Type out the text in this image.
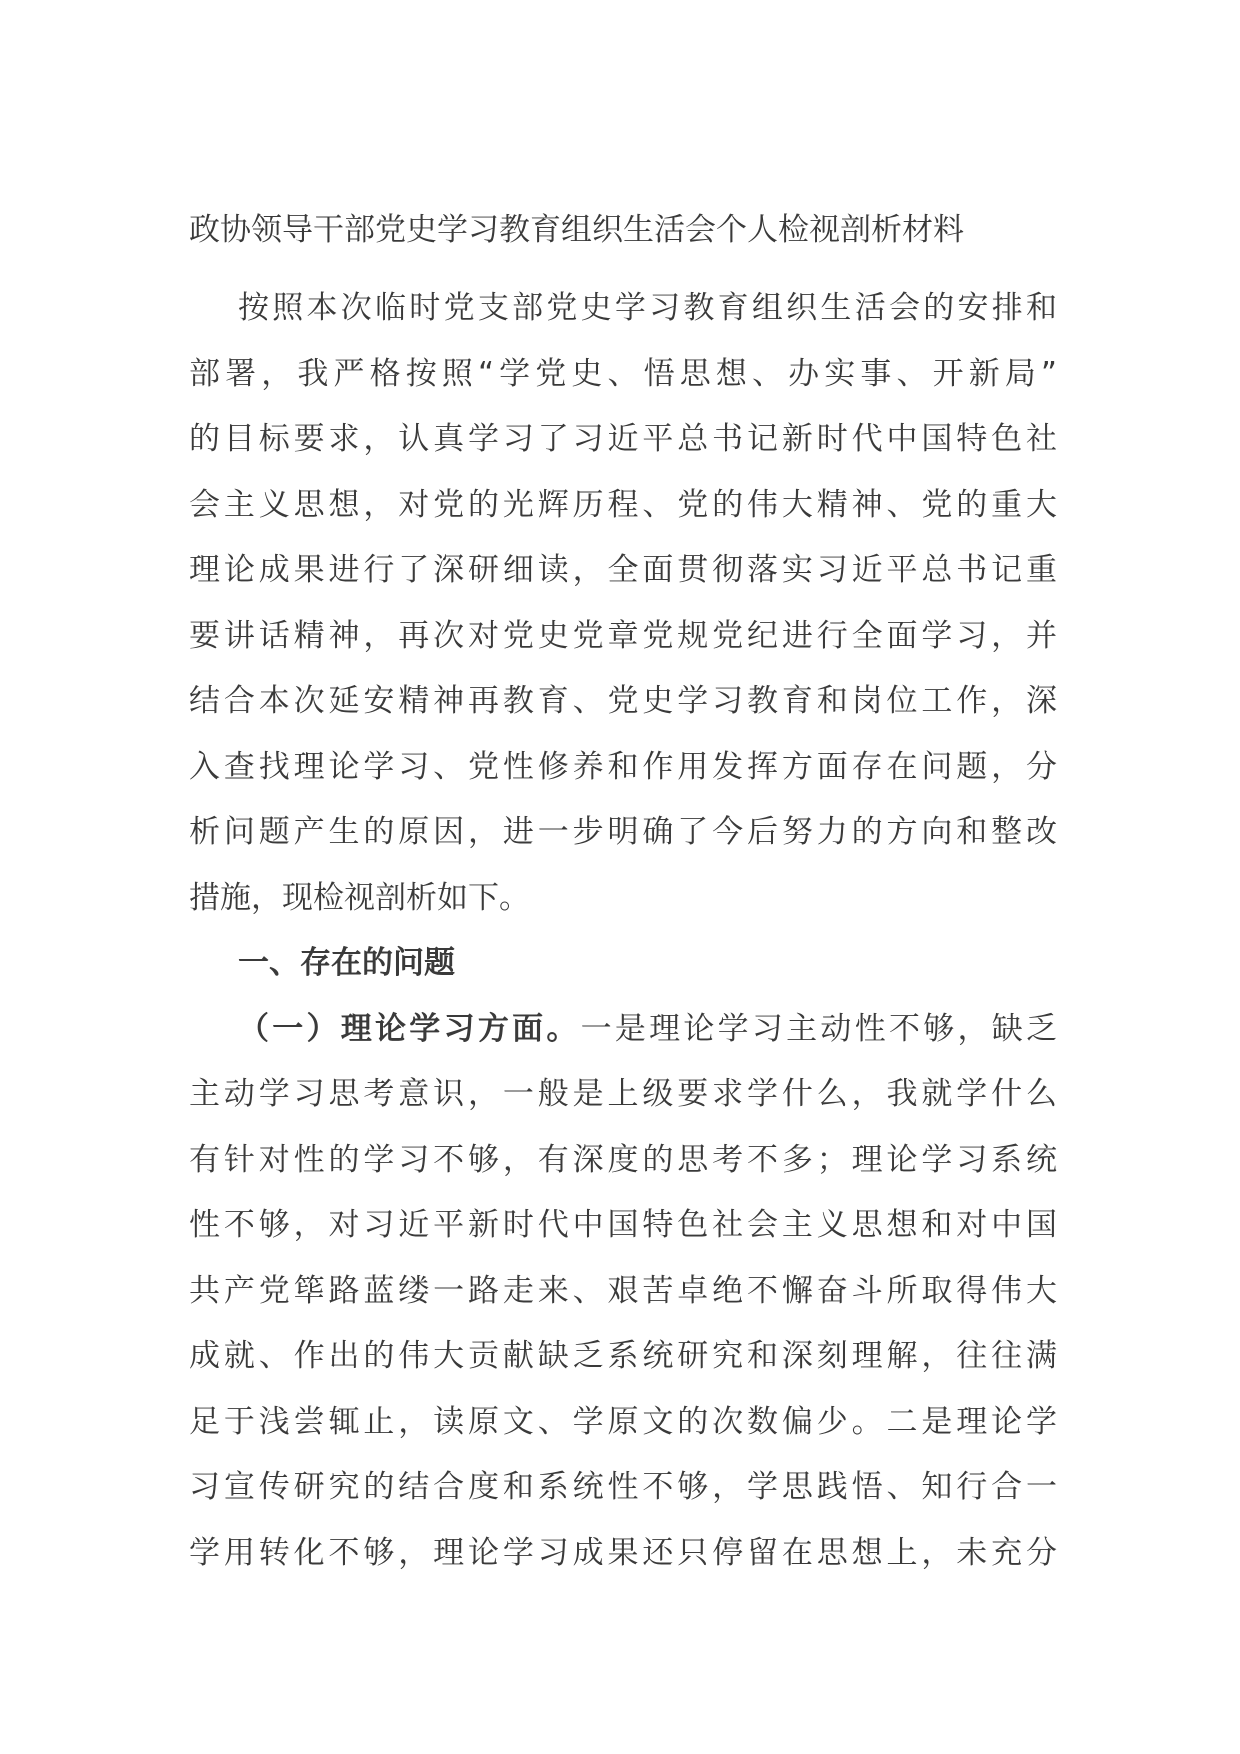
政协领导干部党史学习教育组织生活会个人检视剖析材料
按照本次临时党支部党史学习教育组织生活会的安排和
部署，我严格按照“学党史、悟思想、办实事、开新局”
的目标要求，认真学习了习近平总书记新时代中国特色社
会主义思想，对党的光辉历程、党的伟大精神、党的重大
理论成果进行了深研细读，全面贯彻落实习近平总书记重
要讲话精神，再次对党史党章党规党纪进行全面学习，并
结合本次延安精神再教育、党史学习教育和岗位工作，深
入查找理论学习、党性修养和作用发挥方面存在问题，分
析问题产生的原因，进一步明确了今后努力的方向和整改
措施，现检视剖析如下。
一、存在的问题
（一）理论学习方面。一是理论学习主动性不够，缺乏
主动学习思考意识，一般是上级要求学什么，我就学什么
有针对性的学习不够，有深度的思考不多；理论学习系统
性不够，对习近平新时代中国特色社会主义思想和对中国
共产党筚路蓝缕一路走来、艰苦卓绝不懈奋斗所取得伟大
成就、作出的伟大贡献缺乏系统研究和深刻理解，往往满
足于浅尝辄止，读原文、学原文的次数偏少。二是理论学
习宣传研究的结合度和系统性不够，学思践悟、知行合一
学用转化不够，理论学习成果还只停留在思想上，未充分
